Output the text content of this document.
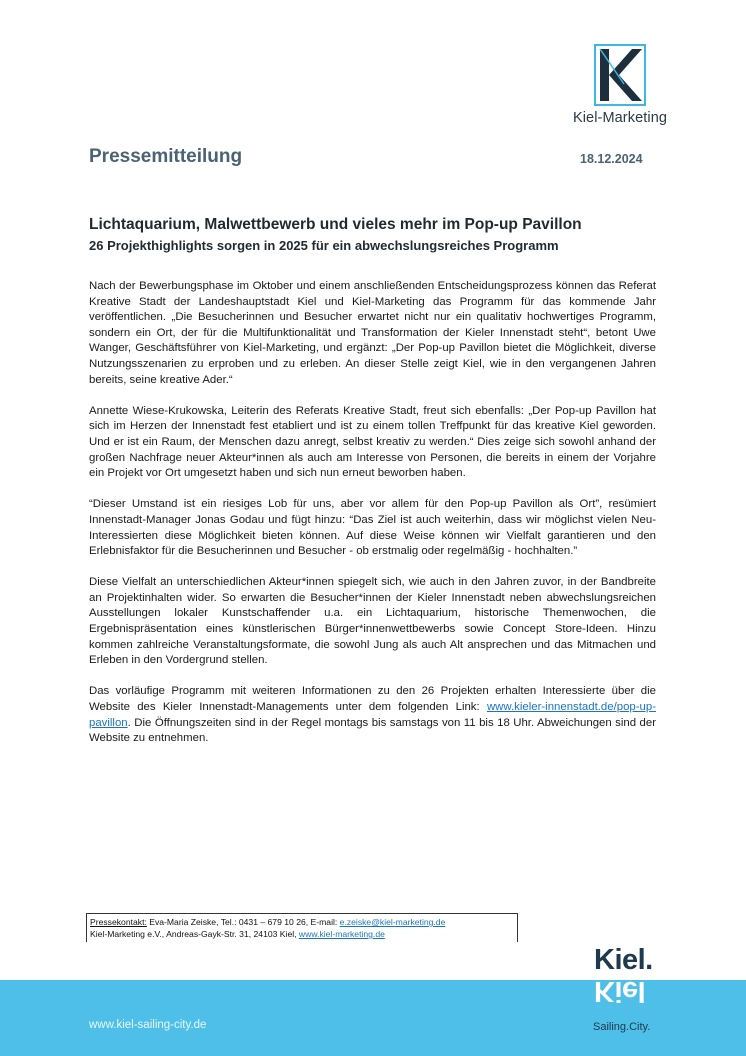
Kiel-Marketing
Pressemitteilung	18.12.2024
Lichtaquarium, Malwettbewerb und vieles mehr im Pop-up Pavillon
26 Projekthighlights sorgen in 2025 für ein abwechslungsreiches Programm

Nach der Bewerbungsphase im Oktober und einem anschließenden Entscheidungsprozess können das Referat Kreative Stadt der Landeshauptstadt Kiel und Kiel-Marketing das Programm für das kommende Jahr veröffentlichen. „Die Besucherinnen und Besucher erwartet nicht nur ein qualitativ hochwertiges Programm, sondern ein Ort, der für die Multifunktionalität und Transformation der Kieler Innenstadt steht“, betont Uwe Wanger, Geschäftsführer von Kiel-Marketing, und ergänzt: „Der Pop-up Pavillon bietet die Möglichkeit, diverse Nutzungsszenarien zu erproben und zu erleben. An dieser Stelle zeigt Kiel, wie in den vergangenen Jahren bereits, seine kreative Ader.“

Annette Wiese-Krukowska, Leiterin des Referats Kreative Stadt, freut sich ebenfalls: „Der Pop-up Pavillon hat sich im Herzen der Innenstadt fest etabliert und ist zu einem tollen Treffpunkt für das kreative Kiel geworden. Und er ist ein Raum, der Menschen dazu anregt, selbst kreativ zu werden.“ Dies zeige sich sowohl anhand der großen Nachfrage neuer Akteur*innen als auch am Interesse von Personen, die bereits in einem der Vorjahre ein Projekt vor Ort umgesetzt haben und sich nun erneut beworben haben.

“Dieser Umstand ist ein riesiges Lob für uns, aber vor allem für den Pop-up Pavillon als Ort”, resümiert Innenstadt-Manager Jonas Godau und fügt hinzu: “Das Ziel ist auch weiterhin, dass wir möglichst vielen Neu-Interessierten diese Möglichkeit bieten können. Auf diese Weise können wir Vielfalt garantieren und den Erlebnisfaktor für die Besucherinnen und Besucher - ob erstmalig oder regelmäßig - hochhalten.”

Diese Vielfalt an unterschiedlichen Akteur*innen spiegelt sich, wie auch in den Jahren zuvor, in der Bandbreite an Projektinhalten wider. So erwarten die Besucher*innen der Kieler Innenstadt neben abwechslungsreichen Ausstellungen lokaler Kunstschaffender u.a. ein Lichtaquarium, historische Themenwochen, die Ergebnispräsentation eines künstlerischen Bürger*innenwettbewerbs sowie Concept Store-Ideen. Hinzu kommen zahlreiche Veranstaltungsformate, die sowohl Jung als auch Alt ansprechen und das Mitmachen und Erleben in den Vordergrund stellen.

Das vorläufige Programm mit weiteren Informationen zu den 26 Projekten erhalten Interessierte über die Website des Kieler Innenstadt-Managements unter dem folgenden Link: www.kieler-innenstadt.de/pop-up-pavillon. Die Öffnungszeiten sind in der Regel montags bis samstags von 11 bis 18 Uhr. Abweichungen sind der Website zu entnehmen.

Pressekontakt: Eva-Maria Zeiske, Tel.: 0431 – 679 10 26, E-mail: e.zeiske@kiel-marketing.de
Kiel-Marketing e.V., Andreas-Gayk-Str. 31, 24103 Kiel, www.kiel-marketing.de
www.kiel-sailing-city.de
Kiel.
Kiel
Sailing.City.
